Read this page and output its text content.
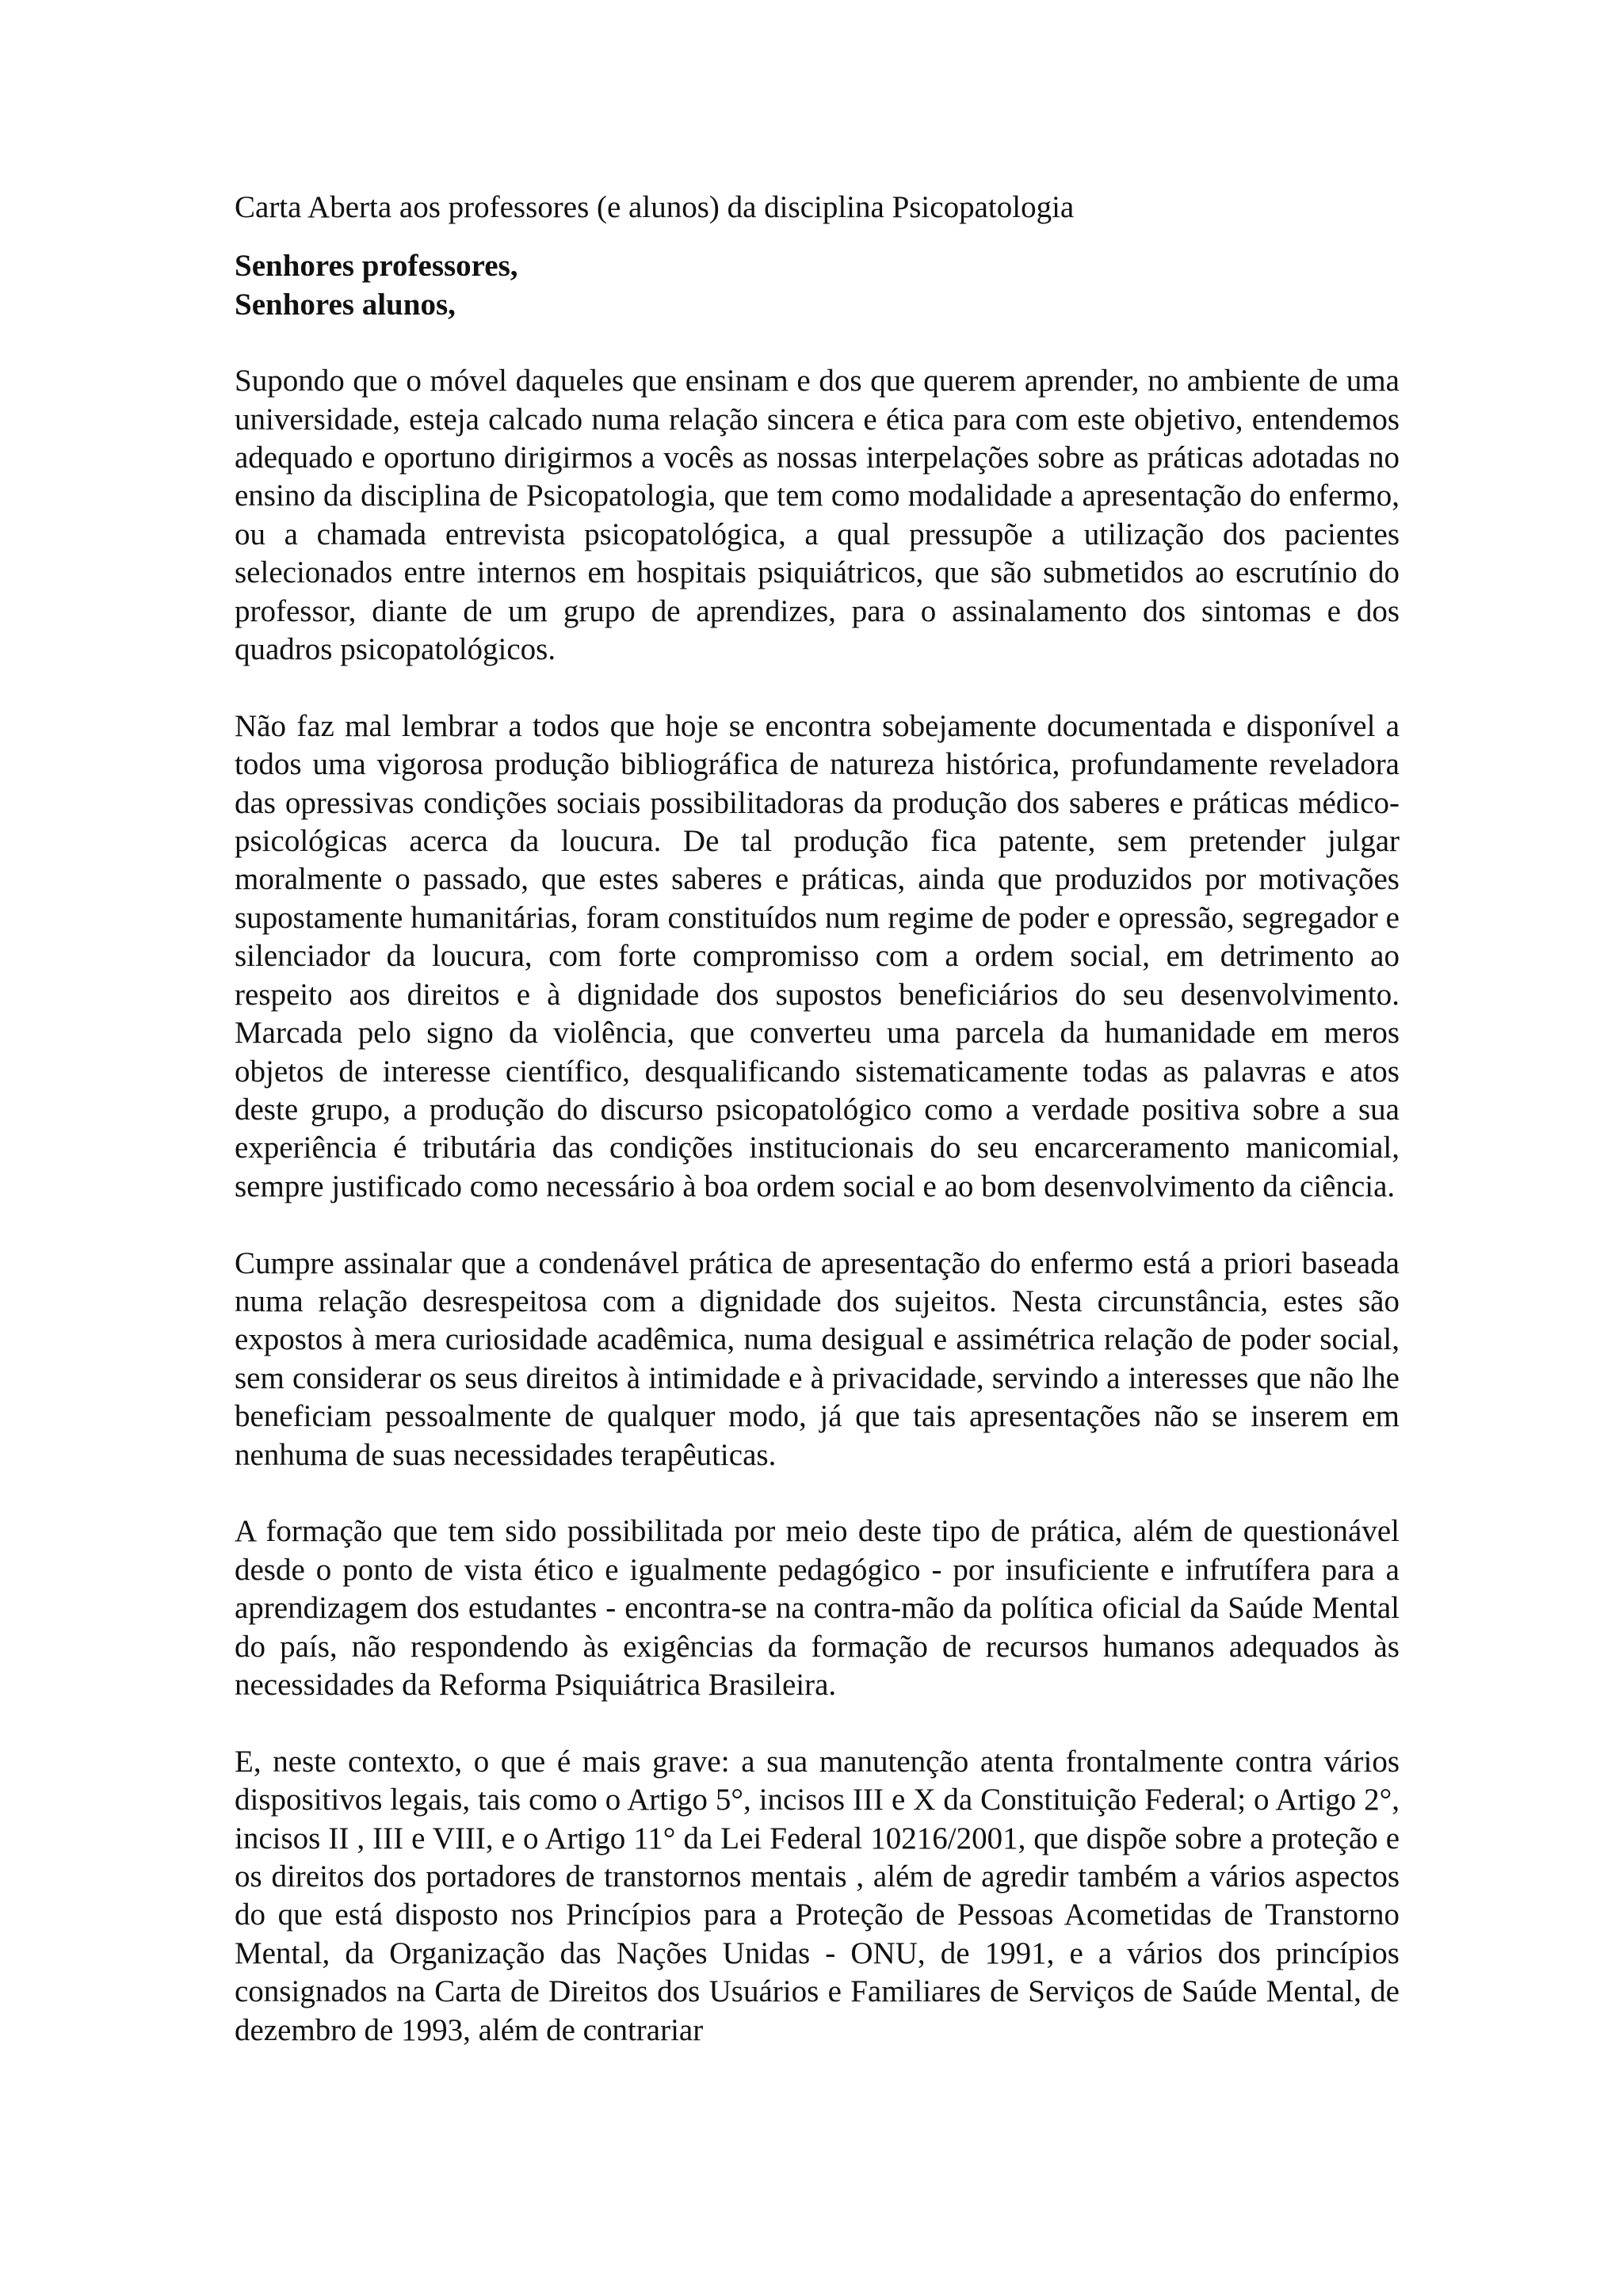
Carta Aberta aos professores (e alunos) da disciplina Psicopatologia

Senhores professores,
Senhores alunos,

Supondo que o móvel daqueles que ensinam e dos que querem aprender, no ambiente de uma universidade, esteja calcado numa relação sincera e ética para com este objetivo, entendemos adequado e oportuno dirigirmos a vocês as nossas interpelações sobre as práticas adotadas no ensino da disciplina de Psicopatologia, que tem como modalidade a apresentação do enfermo, ou a chamada entrevista psicopatológica, a qual pressupõe a utilização dos pacientes selecionados entre internos em hospitais psiquiátricos, que são submetidos ao escrutínio do professor, diante de um grupo de aprendizes, para o assinalamento dos sintomas e dos quadros psicopatológicos.

Não faz mal lembrar a todos que hoje se encontra sobejamente documentada e disponível a todos uma vigorosa produção bibliográfica de natureza histórica, profundamente reveladora das opressivas condições sociais possibilitadoras da produção dos saberes e práticas médico-psicológicas acerca da loucura. De tal produção fica patente, sem pretender julgar moralmente o passado, que estes saberes e práticas, ainda que produzidos por motivações supostamente humanitárias, foram constituídos num regime de poder e opressão, segregador e silenciador da loucura, com forte compromisso com a ordem social, em detrimento ao respeito aos direitos e à dignidade dos supostos beneficiários do seu desenvolvimento. Marcada pelo signo da violência, que converteu uma parcela da humanidade em meros objetos de interesse científico, desqualificando sistematicamente todas as palavras e atos deste grupo, a produção do discurso psicopatológico como a verdade positiva sobre a sua experiência é tributária das condições institucionais do seu encarceramento manicomial, sempre justificado como necessário à boa ordem social e ao bom desenvolvimento da ciência.

Cumpre assinalar que a condenável prática de apresentação do enfermo está a priori baseada numa relação desrespeitosa com a dignidade dos sujeitos. Nesta circunstância, estes são expostos à mera curiosidade acadêmica, numa desigual e assimétrica relação de poder social, sem considerar os seus direitos à intimidade e à privacidade, servindo a interesses que não lhe beneficiam pessoalmente de qualquer modo, já que tais apresentações não se inserem em nenhuma de suas necessidades terapêuticas.

A formação que tem sido possibilitada por meio deste tipo de prática, além de questionável desde o ponto de vista ético e igualmente pedagógico - por insuficiente e infrutífera para a aprendizagem dos estudantes - encontra-se na contra-mão da política oficial da Saúde Mental do país, não respondendo às exigências da formação de recursos humanos adequados às necessidades da Reforma Psiquiátrica Brasileira.

E, neste contexto, o que é mais grave: a sua manutenção atenta frontalmente contra vários dispositivos legais, tais como o Artigo 5°, incisos III e X da Constituição Federal; o Artigo 2°, incisos II , III e VIII, e o Artigo 11° da Lei Federal 10216/2001, que dispõe sobre a proteção e os direitos dos portadores de transtornos mentais , além de agredir também a vários aspectos do que está disposto nos Princípios para a Proteção de Pessoas Acometidas de Transtorno Mental, da Organização das Nações Unidas - ONU, de 1991, e a vários dos princípios consignados na Carta de Direitos dos Usuários e Familiares de Serviços de Saúde Mental, de dezembro de 1993, além de contrariar
